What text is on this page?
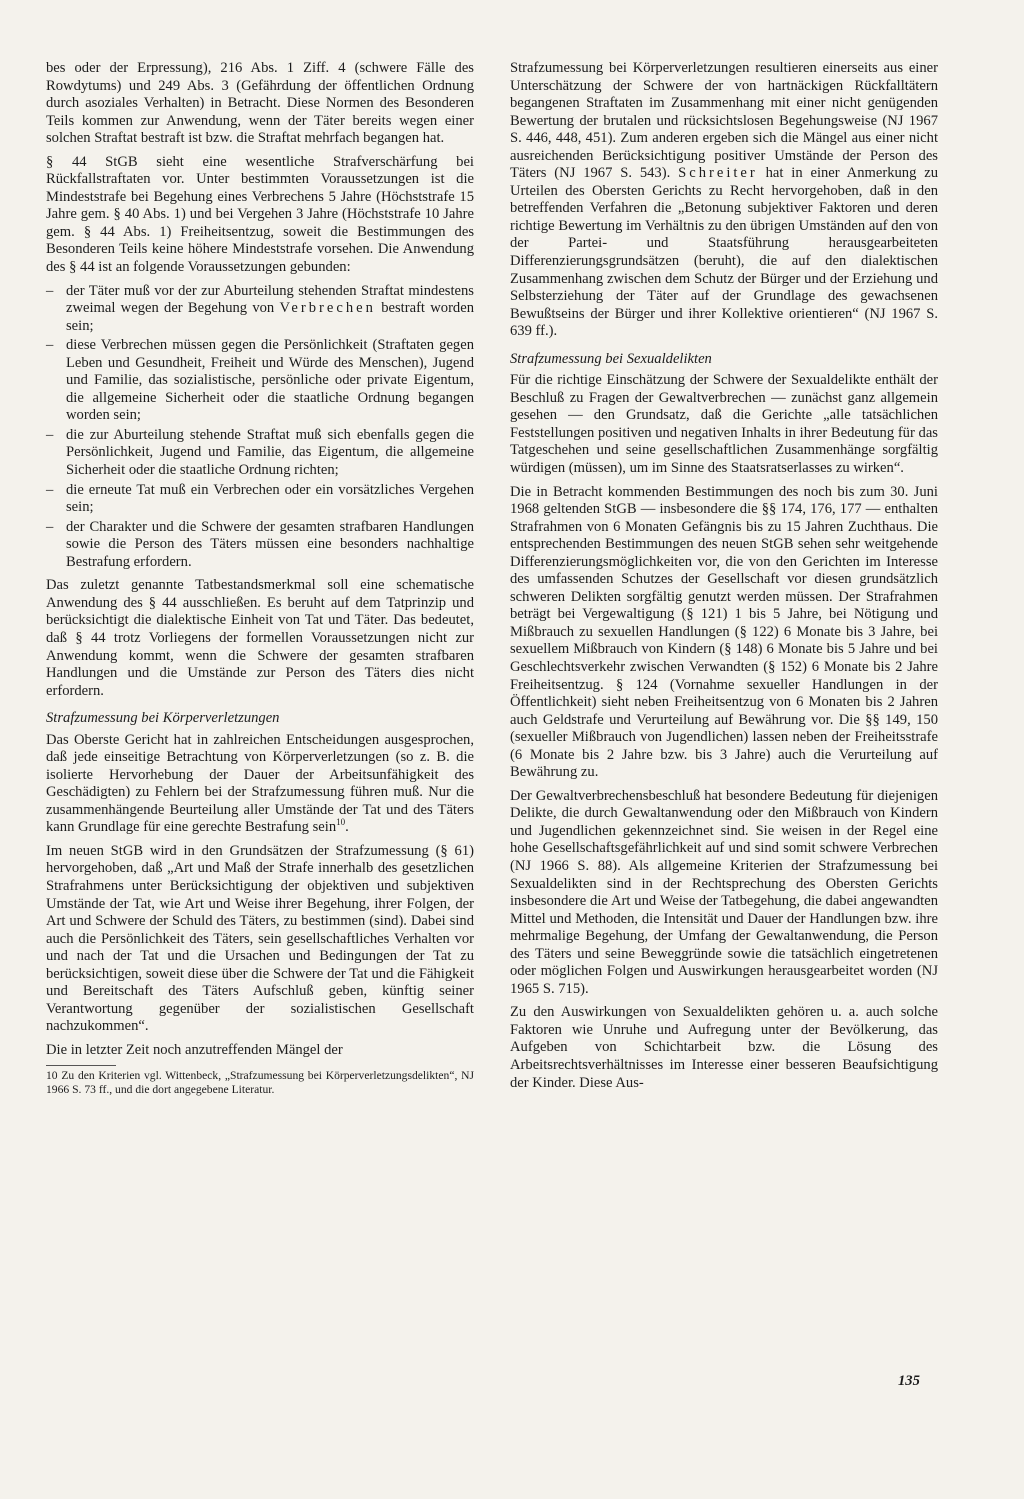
bes oder der Erpressung), 216 Abs. 1 Ziff. 4 (schwere Fälle des Rowdytums) und 249 Abs. 3 (Gefährdung der öffentlichen Ordnung durch asoziales Verhalten) in Betracht. Diese Normen des Besonderen Teils kommen zur Anwendung, wenn der Täter bereits wegen einer solchen Straftat bestraft ist bzw. die Straftat mehrfach begangen hat.

§ 44 StGB sieht eine wesentliche Strafverschärfung bei Rückfallstraftaten vor. Unter bestimmten Voraussetzungen ist die Mindeststrafe bei Begehung eines Verbrechens 5 Jahre (Höchststrafe 15 Jahre gem. § 40 Abs. 1) und bei Vergehen 3 Jahre (Höchststrafe 10 Jahre gem. § 44 Abs. 1) Freiheitsentzug, soweit die Bestimmungen des Besonderen Teils keine höhere Mindeststrafe vorsehen. Die Anwendung des § 44 ist an folgende Voraussetzungen gebunden:

– der Täter muß vor der zur Aburteilung stehenden Straftat mindestens zweimal wegen der Begehung von Verbrechen bestraft worden sein;
– diese Verbrechen müssen gegen die Persönlichkeit (Straftaten gegen Leben und Gesundheit, Freiheit und Würde des Menschen), Jugend und Familie, das sozialistische, persönliche oder private Eigentum, die allgemeine Sicherheit oder die staatliche Ordnung begangen worden sein;
– die zur Aburteilung stehende Straftat muß sich ebenfalls gegen die Persönlichkeit, Jugend und Familie, das Eigentum, die allgemeine Sicherheit oder die staatliche Ordnung richten;
– die erneute Tat muß ein Verbrechen oder ein vorsätzliches Vergehen sein;
– der Charakter und die Schwere der gesamten strafbaren Handlungen sowie die Person des Täters müssen eine besonders nachhaltige Bestrafung erfordern.

Das zuletzt genannte Tatbestandsmerkmal soll eine schematische Anwendung des § 44 ausschließen. Es beruht auf dem Tatprinzip und berücksichtigt die dialektische Einheit von Tat und Täter. Das bedeutet, daß § 44 trotz Vorliegens der formellen Voraussetzungen nicht zur Anwendung kommt, wenn die Schwere der gesamten strafbaren Handlungen und die Umstände zur Person des Täters dies nicht erfordern.

Strafzumessung bei Körperverletzungen

Das Oberste Gericht hat in zahlreichen Entscheidungen ausgesprochen, daß jede einseitige Betrachtung von Körperverletzungen (so z. B. die isolierte Hervorhebung der Dauer der Arbeitsunfähigkeit des Geschädigten) zu Fehlern bei der Strafzumessung führen muß. Nur die zusammenhängende Beurteilung aller Umstände der Tat und des Täters kann Grundlage für eine gerechte Bestrafung sein$^{10}$.

Im neuen StGB wird in den Grundsätzen der Strafzumessung (§ 61) hervorgehoben, daß „Art und Maß der Strafe innerhalb des gesetzlichen Strafrahmens unter Berücksichtigung der objektiven und subjektiven Umstände der Tat, wie Art und Weise ihrer Begehung, ihrer Folgen, der Art und Schwere der Schuld des Täters, zu bestimmen (sind). Dabei sind auch die Persönlichkeit des Täters, sein gesellschaftliches Verhalten vor und nach der Tat und die Ursachen und Bedingungen der Tat zu berücksichtigen, soweit diese über die Schwere der Tat und die Fähigkeit und Bereitschaft des Täters Aufschluß geben, künftig seiner Verantwortung gegenüber der sozialistischen Gesellschaft nachzukommen“.

Die in letzter Zeit noch anzutreffenden Mängel der

10 Zu den Kriterien vgl. Wittenbeck, „Strafzumessung bei Körperverletzungsdelikten“, NJ 1966 S. 73 ff., und die dort angegebene Literatur.

Strafzumessung bei Körperverletzungen resultieren einerseits aus einer Unterschätzung der Schwere der von hartnäckigen Rückfalltätern begangenen Straftaten im Zusammenhang mit einer nicht genügenden Bewertung der brutalen und rücksichtslosen Begehungsweise (NJ 1967 S. 446, 448, 451). Zum anderen ergeben sich die Mängel aus einer nicht ausreichenden Berücksichtigung positiver Umstände der Person des Täters (NJ 1967 S. 543). Schreiter hat in einer Anmerkung zu Urteilen des Obersten Gerichts zu Recht hervorgehoben, daß in den betreffenden Verfahren die „Betonung subjektiver Faktoren und deren richtige Bewertung im Verhältnis zu den übrigen Umständen auf den von der Partei- und Staatsführung herausgearbeiteten Differenzierungsgrundsätzen (beruht), die auf den dialektischen Zusammenhang zwischen dem Schutz der Bürger und der Erziehung und Selbsterziehung der Täter auf der Grundlage des gewachsenen Bewußtseins der Bürger und ihrer Kollektive orientieren“ (NJ 1967 S. 639 ff.).

Strafzumessung bei Sexualdelikten

Für die richtige Einschätzung der Schwere der Sexualdelikte enthält der Beschluß zu Fragen der Gewaltverbrechen — zunächst ganz allgemein gesehen — den Grundsatz, daß die Gerichte „alle tatsächlichen Feststellungen positiven und negativen Inhalts in ihrer Bedeutung für das Tatgeschehen und seine gesellschaftlichen Zusammenhänge sorgfältig würdigen (müssen), um im Sinne des Staatsratserlasses zu wirken“.

Die in Betracht kommenden Bestimmungen des noch bis zum 30. Juni 1968 geltenden StGB — insbesondere die §§ 174, 176, 177 — enthalten Strafrahmen von 6 Monaten Gefängnis bis zu 15 Jahren Zuchthaus. Die entsprechenden Bestimmungen des neuen StGB sehen sehr weitgehende Differenzierungsmöglichkeiten vor, die von den Gerichten im Interesse des umfassenden Schutzes der Gesellschaft vor diesen grundsätzlich schweren Delikten sorgfältig genutzt werden müssen. Der Strafrahmen beträgt bei Vergewaltigung (§ 121) 1 bis 5 Jahre, bei Nötigung und Mißbrauch zu sexuellen Handlungen (§ 122) 6 Monate bis 3 Jahre, bei sexuellem Mißbrauch von Kindern (§ 148) 6 Monate bis 5 Jahre und bei Geschlechtsverkehr zwischen Verwandten (§ 152) 6 Monate bis 2 Jahre Freiheitsentzug. § 124 (Vornahme sexueller Handlungen in der Öffentlichkeit) sieht neben Freiheitsentzug von 6 Monaten bis 2 Jahren auch Geldstrafe und Verurteilung auf Bewährung vor. Die §§ 149, 150 (sexueller Mißbrauch von Jugendlichen) lassen neben der Freiheitsstrafe (6 Monate bis 2 Jahre bzw. bis 3 Jahre) auch die Verurteilung auf Bewährung zu.

Der Gewaltverbrechensbeschluß hat besondere Bedeutung für diejenigen Delikte, die durch Gewaltanwendung oder den Mißbrauch von Kindern und Jugendlichen gekennzeichnet sind. Sie weisen in der Regel eine hohe Gesellschaftsgefährlichkeit auf und sind somit schwere Verbrechen (NJ 1966 S. 88). Als allgemeine Kriterien der Strafzumessung bei Sexualdelikten sind in der Rechtsprechung des Obersten Gerichts insbesondere die Art und Weise der Tatbegehung, die dabei angewandten Mittel und Methoden, die Intensität und Dauer der Handlungen bzw. ihre mehrmalige Begehung, der Umfang der Gewaltanwendung, die Person des Täters und seine Beweggründe sowie die tatsächlich eingetretenen oder möglichen Folgen und Auswirkungen herausgearbeitet worden (NJ 1965 S. 715).

Zu den Auswirkungen von Sexualdelikten gehören u. a. auch solche Faktoren wie Unruhe und Aufregung unter der Bevölkerung, das Aufgeben von Schichtarbeit bzw. die Lösung des Arbeitsrechtsverhältnisses im Interesse einer besseren Beaufsichtigung der Kinder. Diese Aus-

135
